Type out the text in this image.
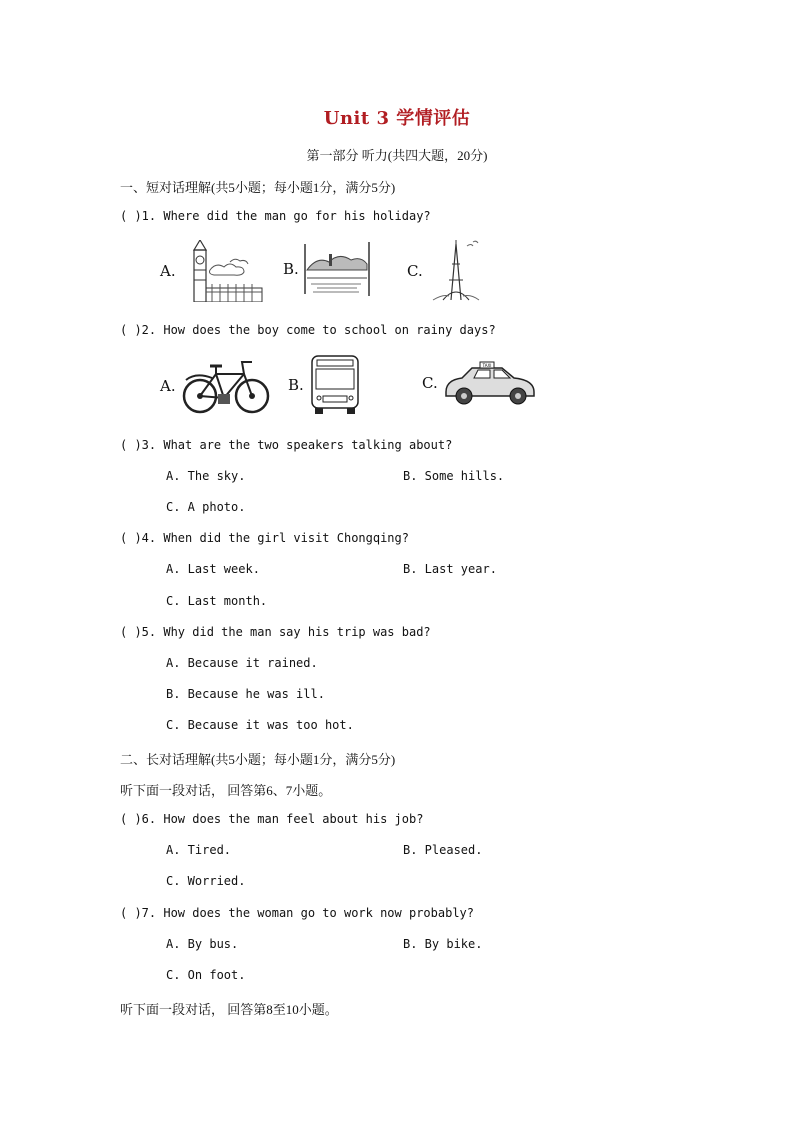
Unit 3 学情评估
第一部分 听力(共四大题，20分)
一、短对话理解(共5小题；每小题1分，满分5分)
( )1. Where did the man go for his holiday?
A.	B.	C.
( )2. How does the boy come to school on rainy days?
A.	B.	C.
TAXI
( )3. What are the two speakers talking about?
A. The sky.	B. Some hills.
C. A photo.
( )4. When did the girl visit Chongqing?
A. Last week.	B. Last year.
C. Last month.
( )5. Why did the man say his trip was bad?
A. Because it rained.
B. Because he was ill.
C. Because it was too hot.
二、长对话理解(共5小题；每小题1分，满分5分)
听下面一段对话， 回答第6、7小题。
( )6. How does the man feel about his job?
A. Tired.	B. Pleased.
C. Worried.
( )7. How does the woman go to work now probably?
A. By bus.	B. By bike.
C. On foot.
听下面一段对话， 回答第8至10小题。
